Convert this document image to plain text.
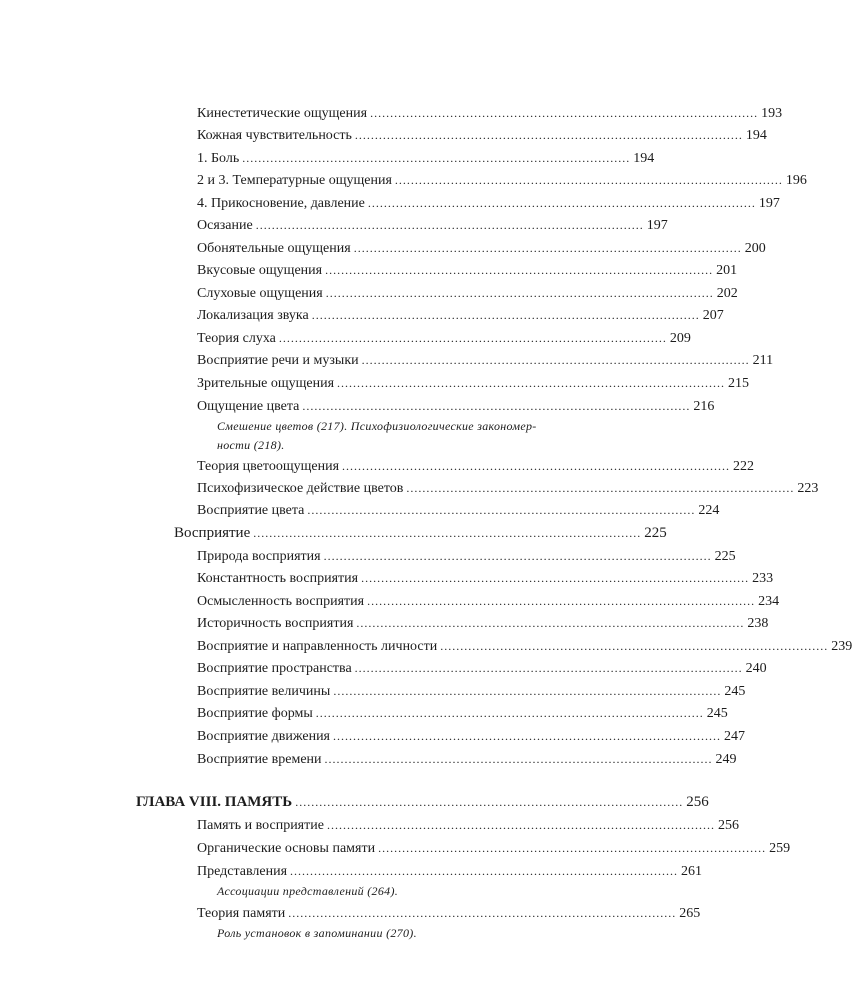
Кинестетические ощущения ................................................................................................. 193
Кожная чувствительность ................................................................................................. 194
1. Боль ................................................................................................. 194
2 и 3. Температурные ощущения ................................................................................................. 196
4. Прикосновение, давление ................................................................................................. 197
Осязание ................................................................................................. 197
Обонятельные ощущения ................................................................................................. 200
Вкусовые ощущения ................................................................................................. 201
Слуховые ощущения ................................................................................................. 202
Локализация звука ................................................................................................. 207
Теория слуха ................................................................................................. 209
Восприятие речи и музыки ................................................................................................. 211
Зрительные ощущения ................................................................................................. 215
Ощущение цвета ................................................................................................. 216
Смешение цветов (217). Психофизиологические закономер-
ности (218).
Теория цветоощущения ................................................................................................. 222
Психофизическое действие цветов ................................................................................................. 223
Восприятие цвета ................................................................................................. 224
Восприятие ................................................................................................. 225
Природа восприятия ................................................................................................. 225
Константность восприятия ................................................................................................. 233
Осмысленность восприятия ................................................................................................. 234
Историчность восприятия ................................................................................................. 238
Восприятие и направленность личности ................................................................................................. 239
Восприятие пространства ................................................................................................. 240
Восприятие величины ................................................................................................. 245
Восприятие формы ................................................................................................. 245
Восприятие движения ................................................................................................. 247
Восприятие времени ................................................................................................. 249
ГЛАВА VIII. ПАМЯТЬ ................................................................................................. 256
Память и восприятие ................................................................................................. 256
Органические основы памяти ................................................................................................. 259
Представления ................................................................................................. 261
Ассоциации представлений (264).
Теория памяти ................................................................................................. 265
Роль установок в запоминании (270).
